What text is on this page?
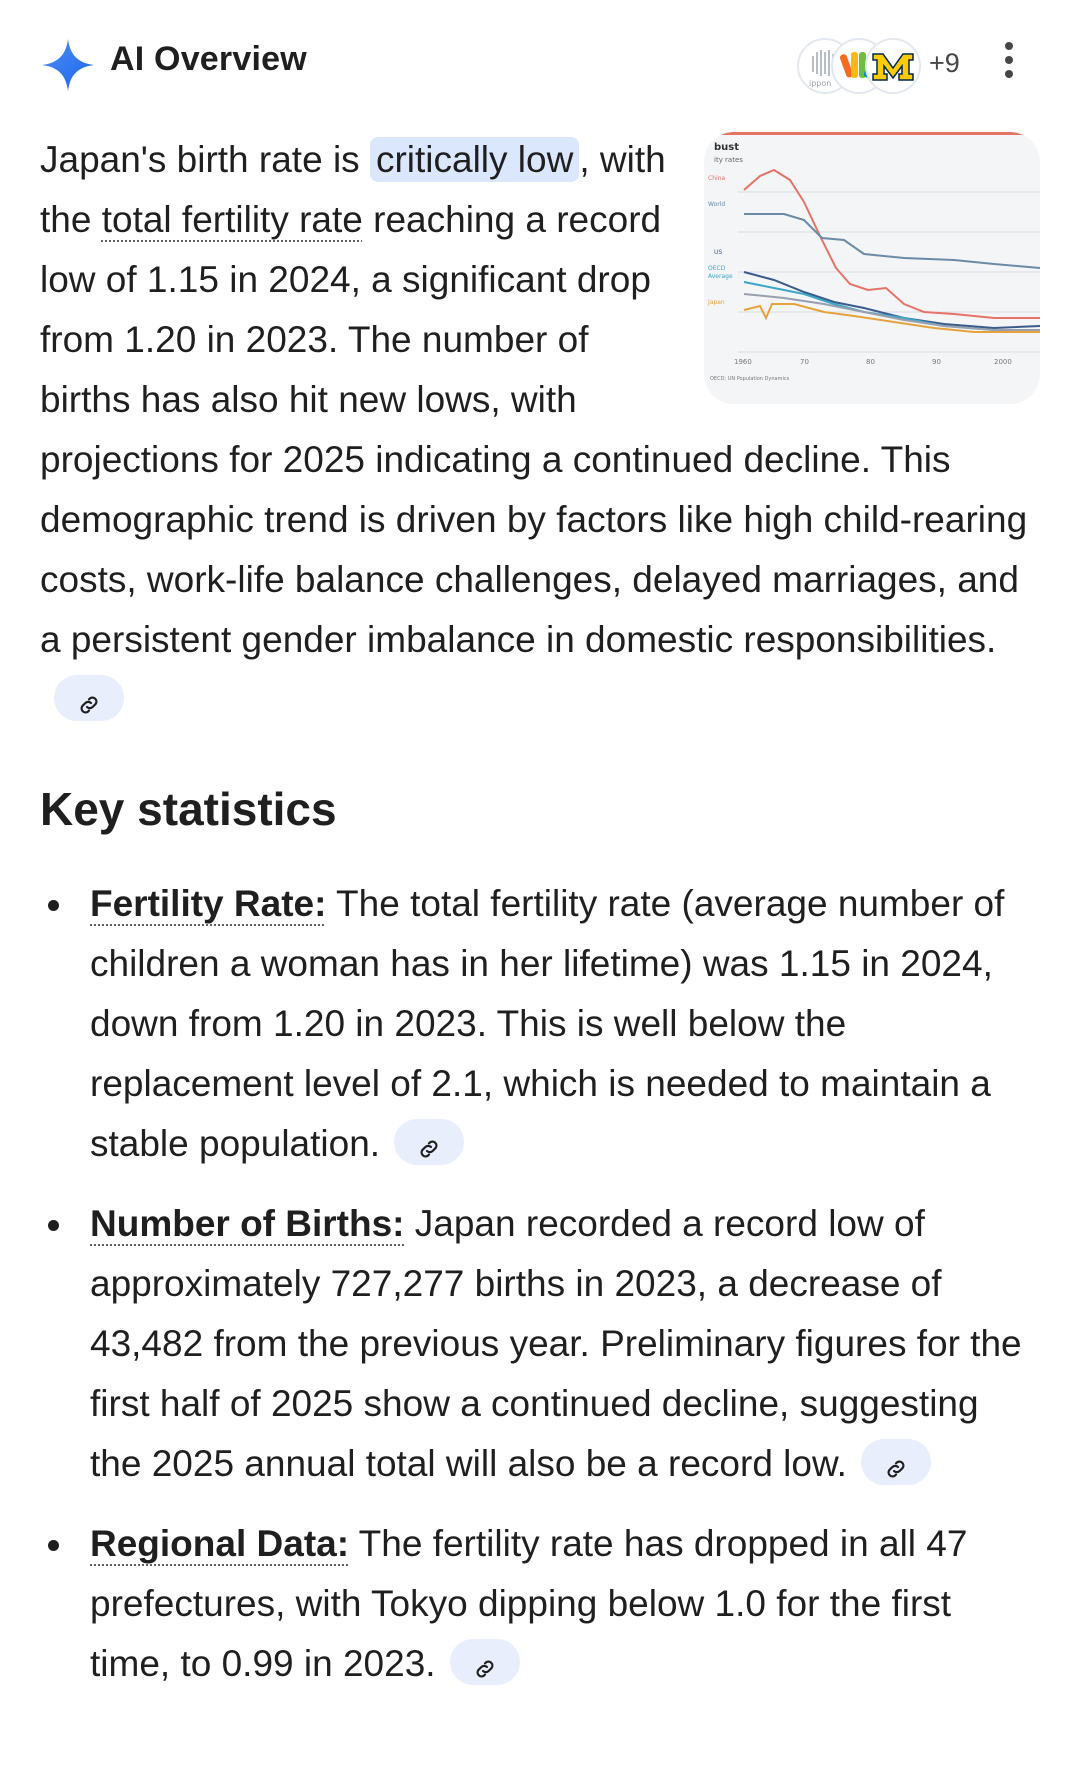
AI Overview
ippon
+9
bust
ity rates
China
World
US
OECD
Average
Japan
1960	70	80	90	2000
OECD; UN Population Dynamics
Japan's birth rate is critically low , with the total fertility rate reaching a record low of 1.15 in 2024, a significant drop from 1.20 in 2023. The number of births has also hit new lows, with projections for 2025 indicating a continued decline. This demographic trend is driven by factors like high child-rearing costs, work-life balance challenges, delayed marriages, and a persistent gender imbalance in domestic responsibilities.
Key statistics
Fertility Rate: The total fertility rate (average number of children a woman has in her lifetime) was 1.15 in 2024, down from 1.20 in 2023. This is well below the replacement level of 2.1, which is needed to maintain a stable population.
Number of Births: Japan recorded a record low of approximately 727,277 births in 2023, a decrease of 43,482 from the previous year. Preliminary figures for the first half of 2025 show a continued decline, suggesting the 2025 annual total will also be a record low.
Regional Data: The fertility rate has dropped in all 47 prefectures, with Tokyo dipping below 1.0 for the first time, to 0.99 in 2023.
